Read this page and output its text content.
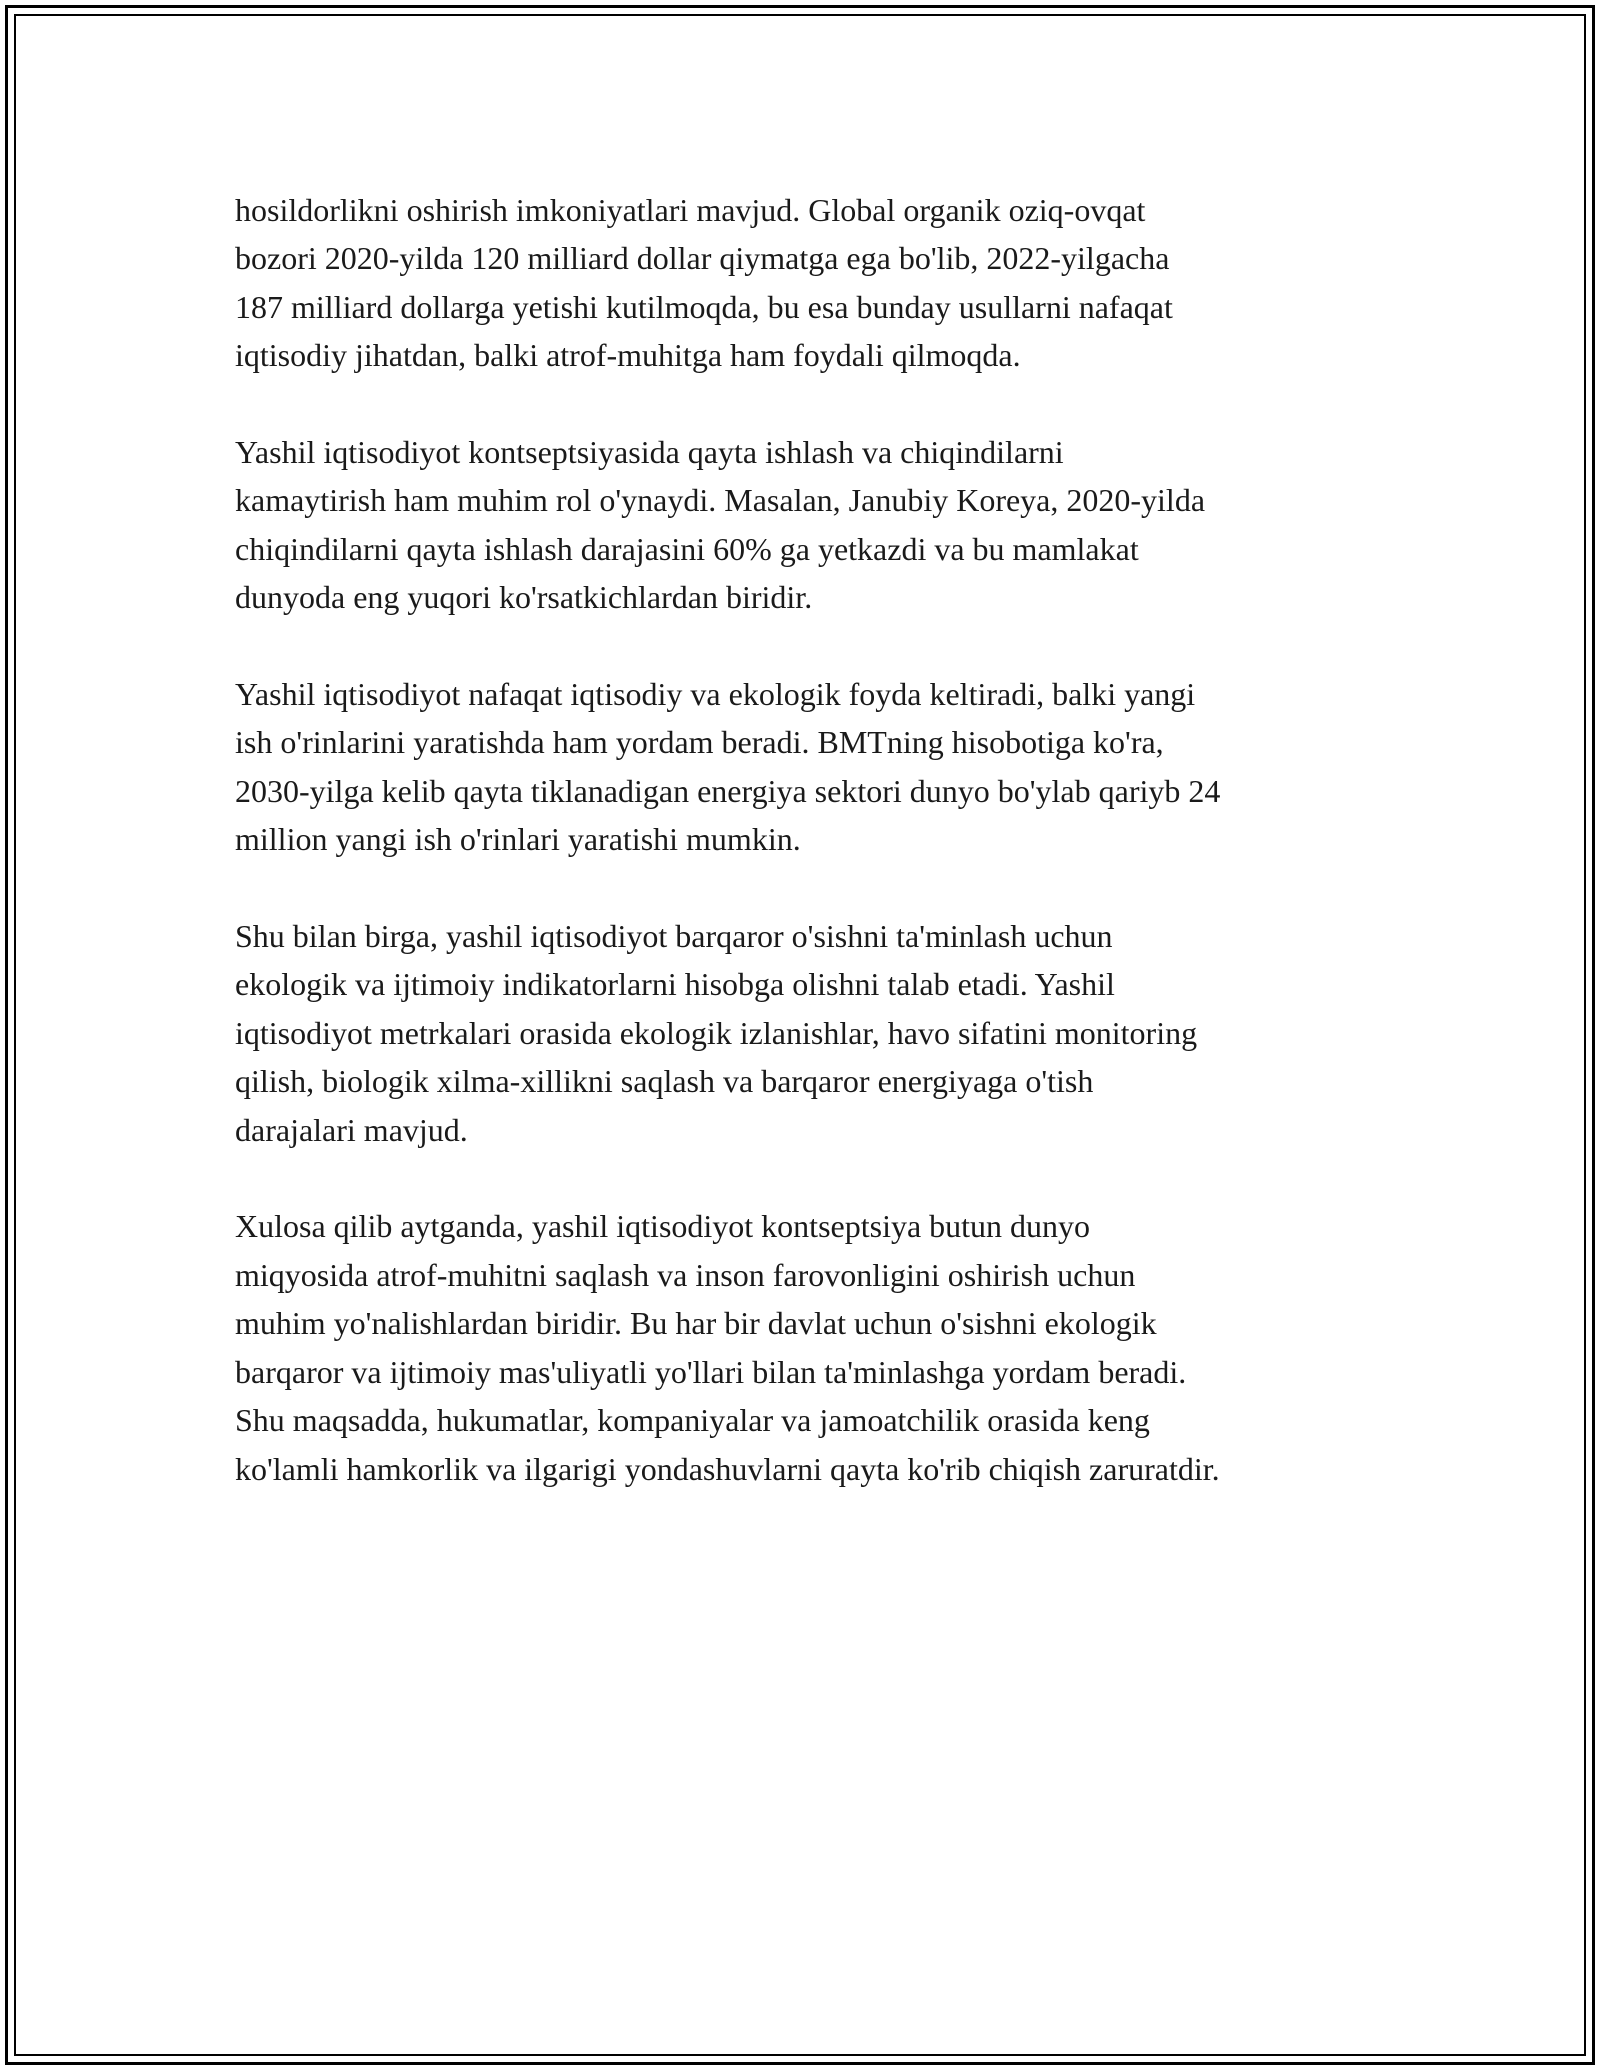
hosildorlikni oshirish imkoniyatlari mavjud. Global organik oziq-ovqat
bozori 2020-yilda 120 milliard dollar qiymatga ega bo'lib, 2022-yilgacha
187 milliard dollarga yetishi kutilmoqda, bu esa bunday usullarni nafaqat
iqtisodiy jihatdan, balki atrof-muhitga ham foydali qilmoqda.

Yashil iqtisodiyot kontseptsiyasida qayta ishlash va chiqindilarni
kamaytirish ham muhim rol o'ynaydi. Masalan, Janubiy Koreya, 2020-yilda
chiqindilarni qayta ishlash darajasini 60% ga yetkazdi va bu mamlakat
dunyoda eng yuqori ko'rsatkichlardan biridir.

Yashil iqtisodiyot nafaqat iqtisodiy va ekologik foyda keltiradi, balki yangi
ish o'rinlarini yaratishda ham yordam beradi. BMTning hisobotiga ko'ra,
2030-yilga kelib qayta tiklanadigan energiya sektori dunyo bo'ylab qariyb 24
million yangi ish o'rinlari yaratishi mumkin.

Shu bilan birga, yashil iqtisodiyot barqaror o'sishni ta'minlash uchun
ekologik va ijtimoiy indikatorlarni hisobga olishni talab etadi. Yashil
iqtisodiyot metrkalari orasida ekologik izlanishlar, havo sifatini monitoring
qilish, biologik xilma-xillikni saqlash va barqaror energiyaga o'tish
darajalari mavjud.

Xulosa qilib aytganda, yashil iqtisodiyot kontseptsiya butun dunyo
miqyosida atrof-muhitni saqlash va inson farovonligini oshirish uchun
muhim yo'nalishlardan biridir. Bu har bir davlat uchun o'sishni ekologik
barqaror va ijtimoiy mas'uliyatli yo'llari bilan ta'minlashga yordam beradi.
Shu maqsadda, hukumatlar, kompaniyalar va jamoatchilik orasida keng
ko'lamli hamkorlik va ilgarigi yondashuvlarni qayta ko'rib chiqish zaruratdir.
